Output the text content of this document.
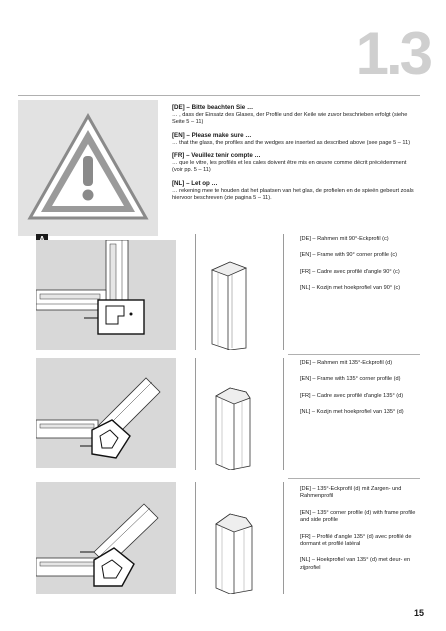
1.3

[DE] – Bitte beachten Sie …
… , dass der Einsatz des Glases, der Profile und der Keile wie zuvor beschrieben erfolgt (siehe Seite 5 – 11)

[EN] – Please make sure …
… that the glass, the profiles and the wedges are inserted as described above (see page 5 – 11)

[FR] – Veuillez tenir compte …
… que le vitre, les profilés et les cales doivent être mis en œuvre comme décrit précédemment (voir pp. 5 – 11)

[NL] – Let op …
… rekening mee te houden dat het plaatsen van het glas, de profielen en de spieën gebeurt zoals hiervoor beschreven (zie pagina 5 – 11).

[DE] – Rahmen mit 90°-Eckprofil (c)

[EN] – Frame with 90° corner profile (c)

[FR] – Cadre avec profilé d'angle 90° (c)

[NL] – Kozijn met hoekprofiel van 90° (c)

[DE] – Rahmen mit 135°-Eckprofil (d)

[EN] – Frame with 135° corner profile (d)

[FR] – Cadre avec profilé d'angle 135° (d)

[NL] – Kozijn met hoekprofiel van 135° (d)

[DE] – 135°-Eckprofil (d) mit Zargen- und Rahmenprofil

[EN] – 135° corner profile (d) with frame profile and side profile

[FR] – Profilé d'angle 135° (d) avec profilé de dormant et profilé latéral

[NL] – Hoekprofiel van 135° (d) met deur- en zijprofiel

15
